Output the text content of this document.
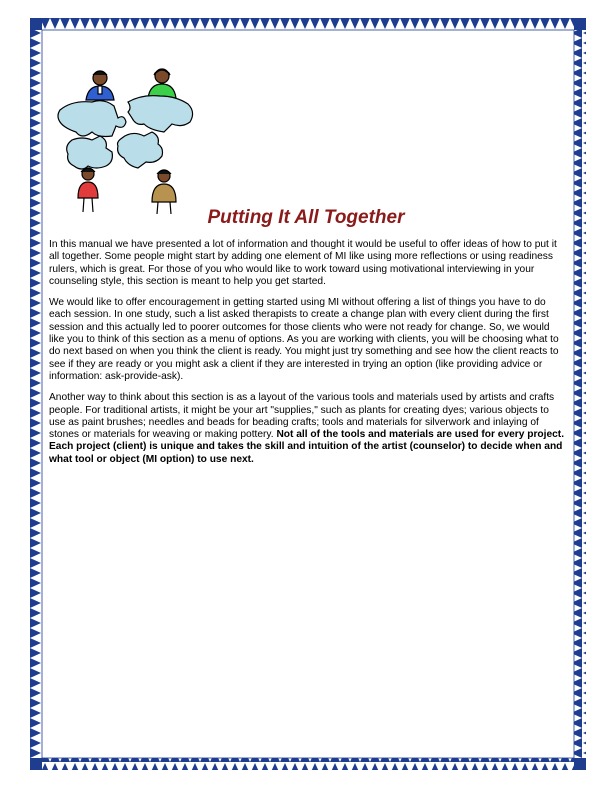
Putting It All Together

In this manual we have presented a lot of information and thought it would be useful to offer ideas of how to put it all together. Some people might start by adding one element of MI like using more reflections or using readiness rulers, which is great. For those of you who would like to work toward using motivational interviewing in your counseling style, this section is meant to help you get started.

We would like to offer encouragement in getting started using MI without offering a list of things you have to do each session. In one study, such a list asked therapists to create a change plan with every client during the first session and this actually led to poorer outcomes for those clients who were not ready for change. So, we would like you to think of this section as a menu of options. As you are working with clients, you will be choosing what to do next based on when you think the client is ready. You might just try something and see how the client reacts to see if they are ready or you might ask a client if they are interested in trying an option (like providing advice or information: ask-provide-ask).

Another way to think about this section is as a layout of the various tools and materials used by artists and crafts people. For traditional artists, it might be your art "supplies," such as plants for creating dyes; various objects to use as paint brushes; needles and beads for beading crafts; tools and materials for silverwork and inlaying of stones or materials for weaving or making pottery. Not all of the tools and materials are used for every project. Each project (client) is unique and takes the skill and intuition of the artist (counselor) to decide when and what tool or object (MI option) to use next.
